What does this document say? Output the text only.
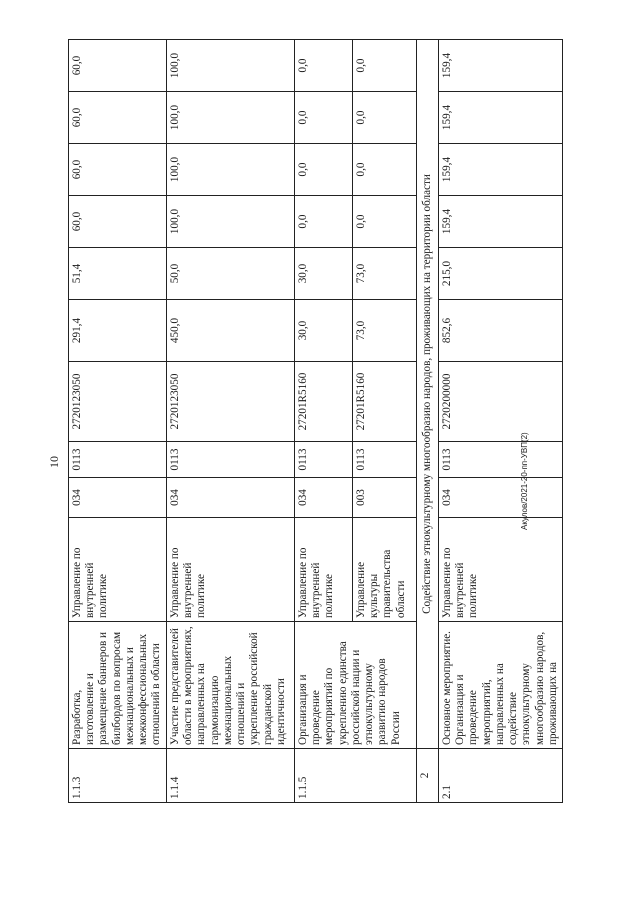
10	Акулов/2021-20-пп-УВП(2)
1.1.3	Разработка, изготовление и размещение баннеров и билбордов по вопросам межнациональных и межконфессиональных отношений в области	Управление по внутренней политике	034	0113	2720123050	291,4	51,4	60,0	60,0	60,0	60,0
1.1.4	Участие представителей области в мероприятиях, направленных на гармонизацию межнациональных отношений и укрепление российской гражданской идентичности	Управление по внутренней политике	034	0113	2720123050	450,0	50,0	100,0	100,0	100,0	100,0
1.1.5	Организация и проведение мероприятий по укреплению единства российской нации и этнокультурному развитию народов России	Управление по внутренней политике	034	0113	27201R5160	30,0	30,0	0,0	0,0	0,0	0,0
		Управление культуры правительства области	003	0113	27201R5160	73,0	73,0	0,0	0,0	0,0	0,0
2	Содействие этнокультурному многообразию народов, проживающих на территории области										
2.1	Основное мероприятие. Организация и проведение мероприятий, направленных на содействие этнокультурному многообразию народов, проживающих на	Управление по внутренней политике	034	0113	2720200000	852,6	215,0	159,4	159,4	159,4	159,4
